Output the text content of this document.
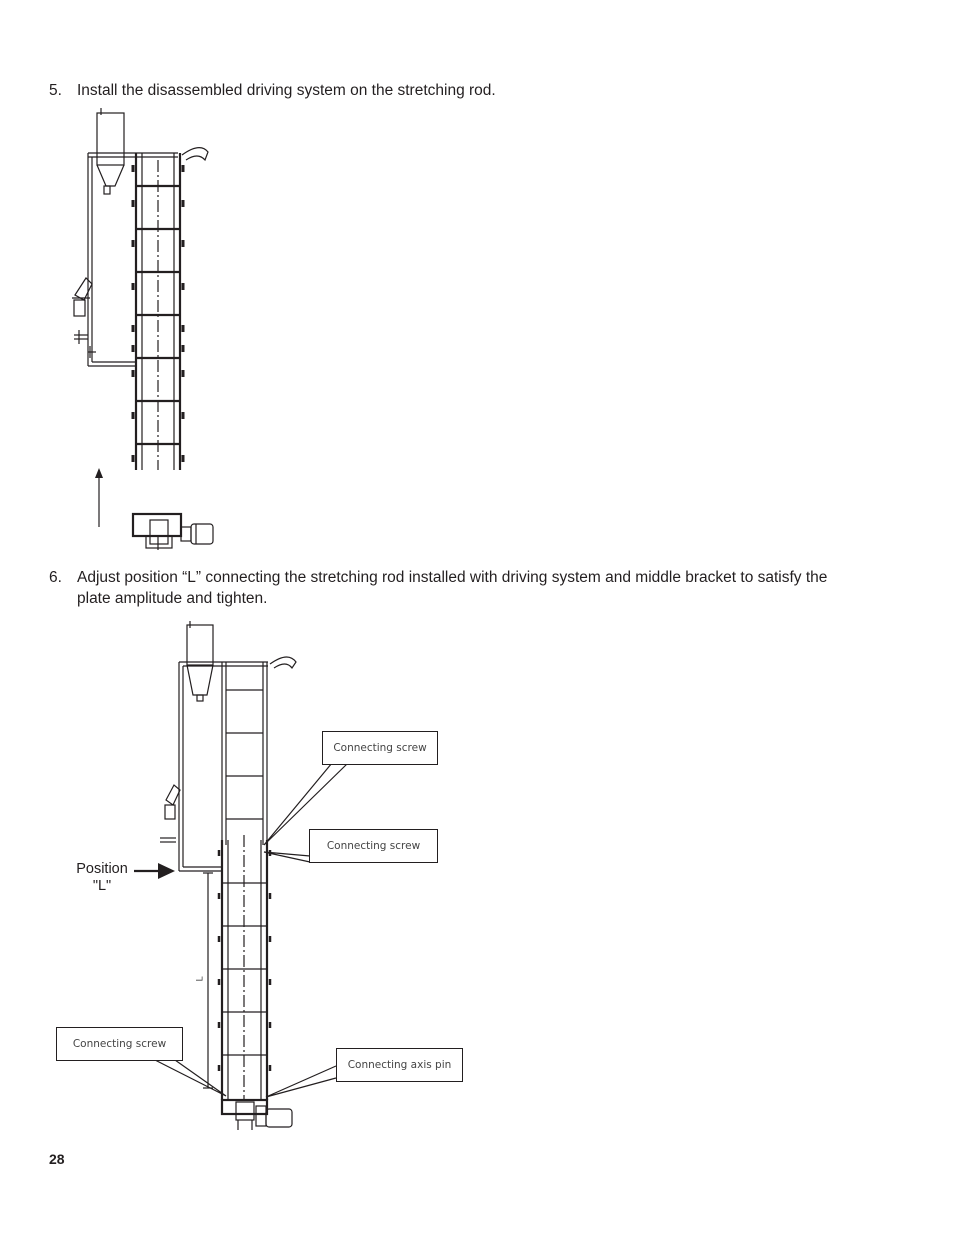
5. Install the disassembled driving system on the stretching rod.
6. Adjust position “L” connecting the stretching rod installed with driving system and middle bracket to satisfy the plate amplitude and tighten.
Connecting screw
Connecting screw
Connecting screw
Connecting axis pin
L
Position
"L"
28
